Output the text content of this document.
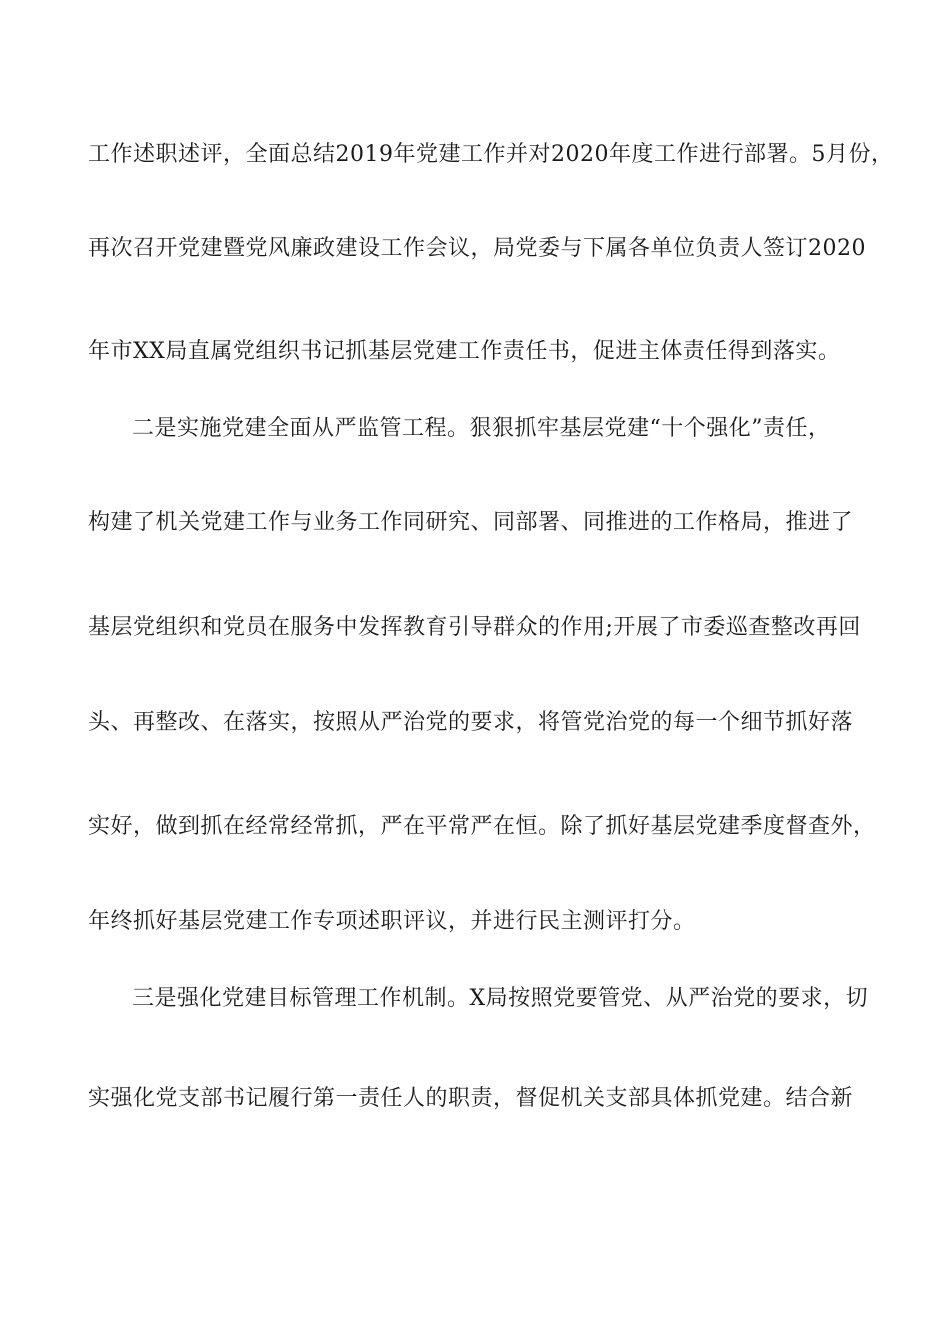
工作述职述评，全面总结2019年党建工作并对2020年度工作进行部署。5月份，
再次召开党建暨党风廉政建设工作会议，局党委与下属各单位负责人签订2020
年市XX局直属党组织书记抓基层党建工作责任书，促进主体责任得到落实。
二是实施党建全面从严监管工程。狠狠抓牢基层党建“十个强化”责任，
构建了机关党建工作与业务工作同研究、同部署、同推进的工作格局，推进了
基层党组织和党员在服务中发挥教育引导群众的作用;开展了市委巡查整改再回
头、再整改、在落实，按照从严治党的要求，将管党治党的每一个细节抓好落
实好，做到抓在经常经常抓，严在平常严在恒。除了抓好基层党建季度督查外，
年终抓好基层党建工作专项述职评议，并进行民主测评打分。
三是强化党建目标管理工作机制。X局按照党要管党、从严治党的要求，切
实强化党支部书记履行第一责任人的职责，督促机关支部具体抓党建。结合新
